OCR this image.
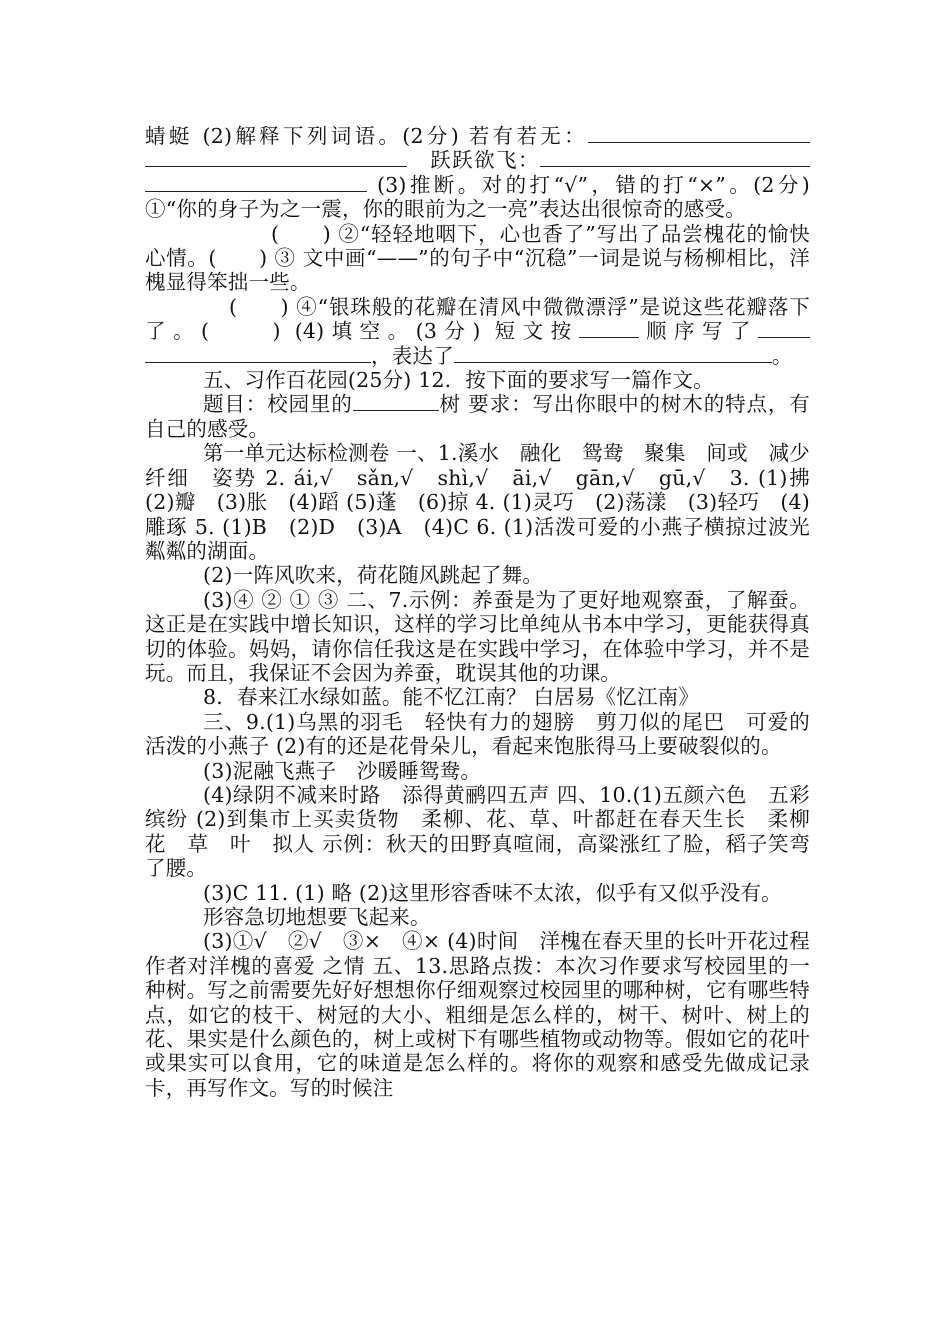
蜻蜓 (2)解释下列词语。(2分) 若有若无：　跃跃欲飞： (3)推断。对的打“√”，错的打“×”。(2分) ①“你的身子为之一震，你的眼前为之一亮”表达出很惊奇的感受。

(　　) ②“轻轻地咽下，心也香了”写出了品尝槐花的愉快心情。(　　) ③ 文中画“——”的句子中“沉稳”一词是说与杨柳相比，洋槐显得笨拙一些。

(　　) ④“银珠般的花瓣在清风中微微漂浮”是说这些花瓣落下了。(　　) (4)填空。(3分) 短文按	顺序写了，表达了	。

五、习作百花园(25分) 12．按下面的要求写一篇作文。

题目：校园里的	树 要求：写出你眼中的树木的特点，有自己的感受。

第一单元达标检测卷 一、1.溪水　融化　鸳鸯　聚集　间或　减少 纤细　姿势 2. ái,√　sǎn,√　shì,√　āi,√　gān,√　gū,√　3. (1)拂　(2)瓣　(3)胀　(4)蹈 (5)蓬　(6)掠 4. (1)灵巧　(2)荡漾　(3)轻巧　(4)雕琢 5. (1)B　(2)D　(3)A　(4)C 6. (1)活泼可爱的小燕子横掠过波光粼粼的湖面。

(2)一阵风吹来，荷花随风跳起了舞。

(3)④ ② ① ③ 二、7.示例：养蚕是为了更好地观察蚕，了解蚕。这正是在实践中增长知识，这样的学习比单纯从书本中学习，更能获得真切的体验。妈妈，请你信任我这是在实践中学习，在体验中学习，并不是玩。而且，我保证不会因为养蚕，耽误其他的功课。

8．春来江水绿如蓝。能不忆江南？ 白居易《忆江南》

三、9.(1)乌黑的羽毛　轻快有力的翅膀　剪刀似的尾巴　可爱的活泼的小燕子 (2)有的还是花骨朵儿，看起来饱胀得马上要破裂似的。

(3)泥融飞燕子　沙暖睡鸳鸯。

(4)绿阴不减来时路　添得黄鹂四五声 四、10.(1)五颜六色　五彩缤纷 (2)到集市上买卖货物　柔柳、花、草、叶都赶在春天生长　柔柳　花　草　叶　拟人 示例：秋天的田野真喧闹，高粱涨红了脸，稻子笑弯了腰。

(3)C 11. (1) 略 (2)这里形容香味不太浓，似乎有又似乎没有。

形容急切地想要飞起来。

(3)①√　②√　③×　④× (4)时间　洋槐在春天里的长叶开花过程　作者对洋槐的喜爱 之情 五、13.思路点拨：本次习作要求写校园里的一种树。写之前需要先好好想想你仔细观察过校园里的哪种树，它有哪些特点，如它的枝干、树冠的大小、粗细是怎么样的，树干、树叶、树上的花、果实是什么颜色的，树上或树下有哪些植物或动物等。假如它的花叶或果实可以食用，它的味道是怎么样的。将你的观察和感受先做成记录卡，再写作文。写的时候注
